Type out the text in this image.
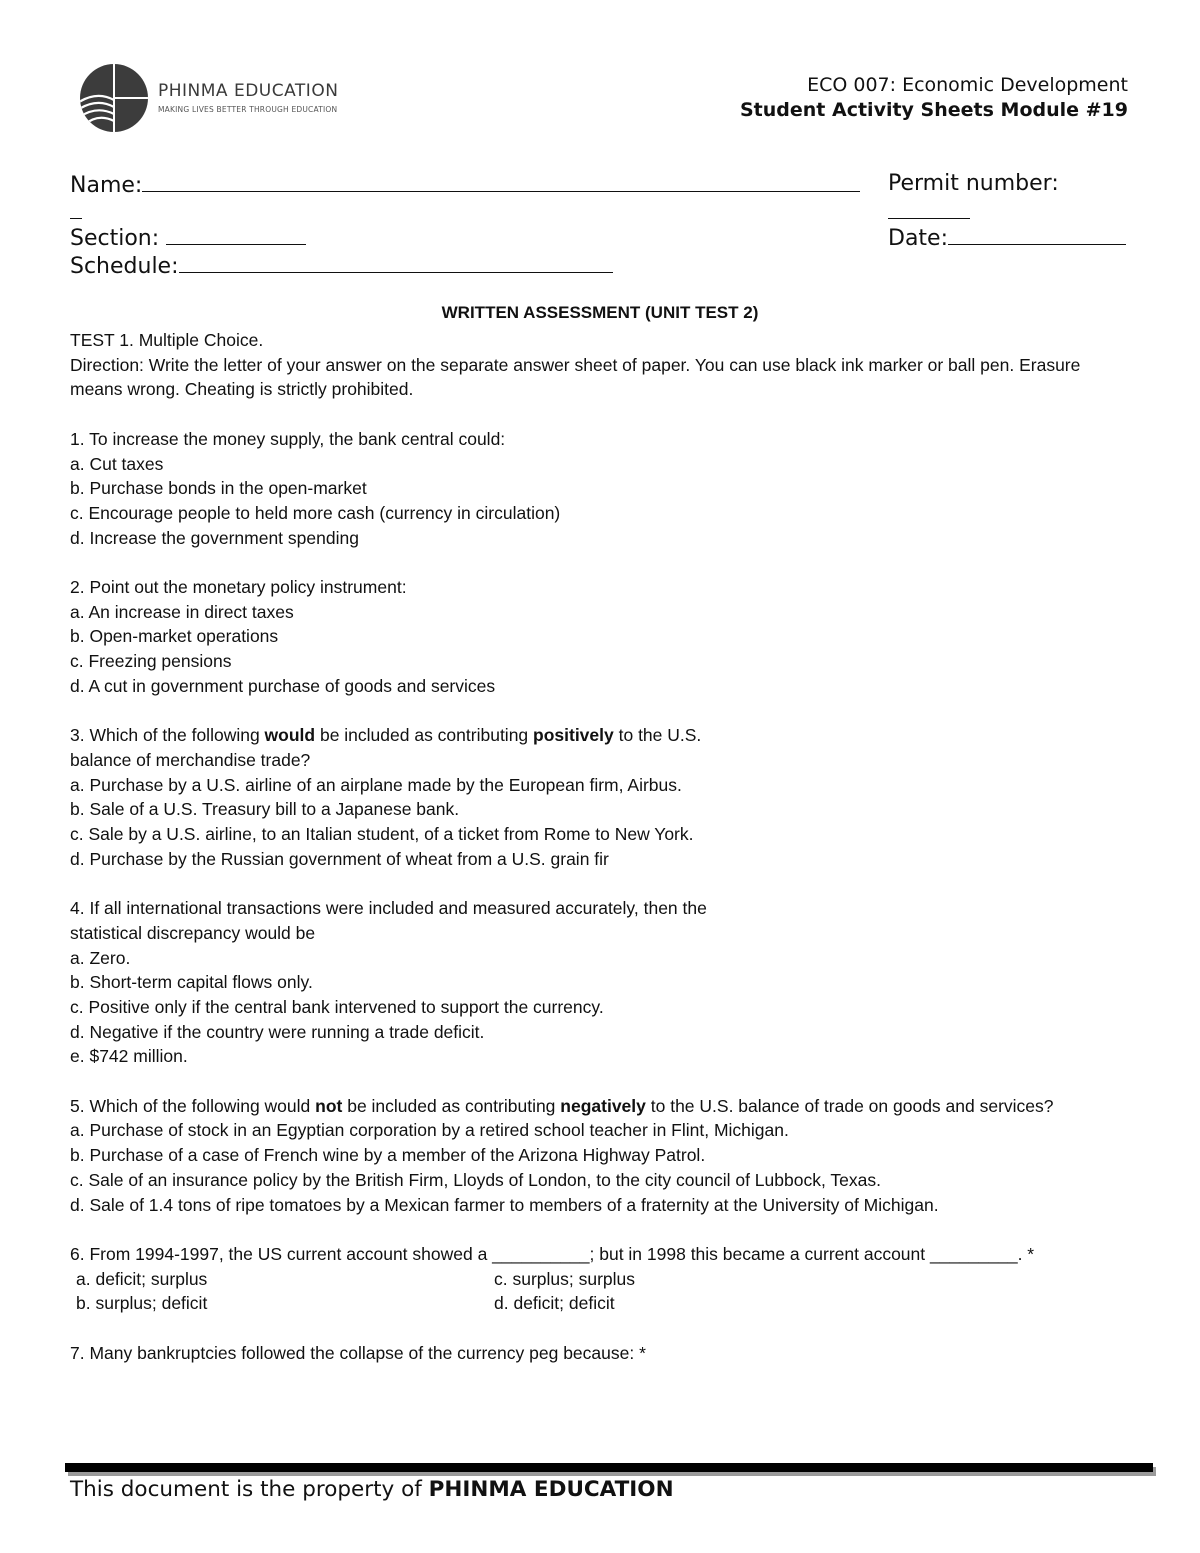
PHINMA EDUCATION
MAKING LIVES BETTER THROUGH EDUCATION
ECO 007: Economic Development
Student Activity Sheets Module #19
Name:	Permit number:
Section:	Date:
Schedule:
WRITTEN ASSESSMENT (UNIT TEST 2)

TEST 1. Multiple Choice.

Direction: Write the letter of your answer on the separate answer sheet of paper. You can use black ink marker or ball pen. Erasure means wrong. Cheating is strictly prohibited.

1. To increase the money supply, the bank central could:

a. Cut taxes

b. Purchase bonds in the open-market

c. Encourage people to held more cash (currency in circulation)

d. Increase the government spending

2. Point out the monetary policy instrument:

a. An increase in direct taxes

b. Open-market operations

c. Freezing pensions

d. A cut in government purchase of goods and services

3. Which of the following would be included as contributing positively to the U.S.

balance of merchandise trade?

a. Purchase by a U.S. airline of an airplane made by the European firm, Airbus.

b. Sale of a U.S. Treasury bill to a Japanese bank.

c. Sale by a U.S. airline, to an Italian student, of a ticket from Rome to New York.

d. Purchase by the Russian government of wheat from a U.S. grain fir

4. If all international transactions were included and measured accurately, then the

statistical discrepancy would be

a. Zero.

b. Short-term capital flows only.

c. Positive only if the central bank intervened to support the currency.

d. Negative if the country were running a trade deficit.

e. $742 million.

5. Which of the following would not be included as contributing negatively to the U.S. balance of trade on goods and services?

a. Purchase of stock in an Egyptian corporation by a retired school teacher in Flint, Michigan.

b. Purchase of a case of French wine by a member of the Arizona Highway Patrol.

c. Sale of an insurance policy by the British Firm, Lloyds of London, to the city council of Lubbock, Texas.

d. Sale of 1.4 tons of ripe tomatoes by a Mexican farmer to members of a fraternity at the University of Michigan.

6. From 1994-1997, the US current account showed a __________; but in 1998 this became a current account _________. *

a. deficit; surplus
b. surplus; deficit
c. surplus; surplus
d. deficit; deficit

7. Many bankruptcies followed the collapse of the currency peg because: *

This document is the property of PHINMA EDUCATION
